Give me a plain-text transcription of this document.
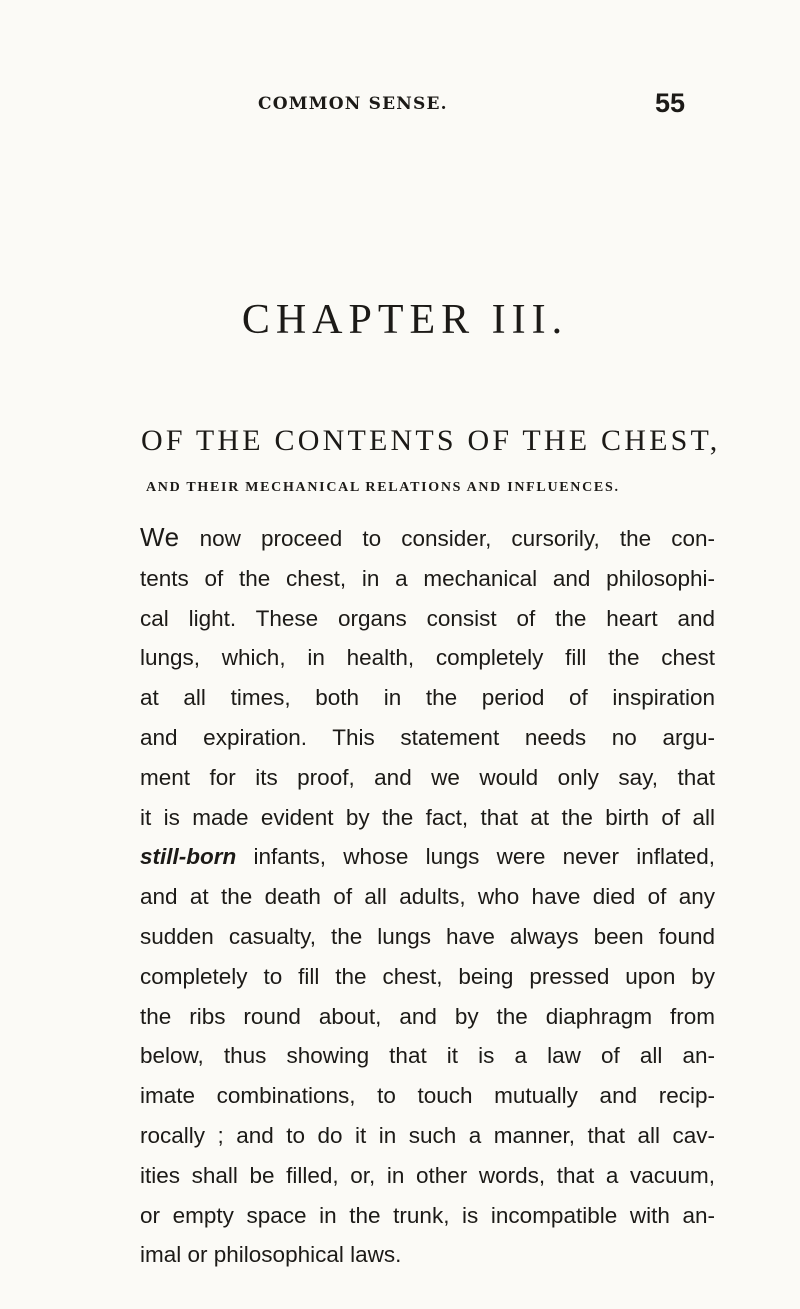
COMMON SENSE.	55
CHAPTER III.
OF THE CONTENTS OF THE CHEST,
AND THEIR MECHANICAL RELATIONS AND INFLUENCES.
We now proceed to consider, cursorily, the con-
tents of the chest, in a mechanical and philosophi-
cal light. These organs consist of the heart and
lungs, which, in health, completely fill the chest
at all times, both in the period of inspiration
and expiration. This statement needs no argu-
ment for its proof, and we would only say, that
it is made evident by the fact, that at the birth of all
still-born infants, whose lungs were never inflated,
and at the death of all adults, who have died of any
sudden casualty, the lungs have always been found
completely to fill the chest, being pressed upon by
the ribs round about, and by the diaphragm from
below, thus showing that it is a law of all an-
imate combinations, to touch mutually and recip-
rocally ; and to do it in such a manner, that all cav-
ities shall be filled, or, in other words, that a vacuum,
or empty space in the trunk, is incompatible with an-
imal or philosophical laws.
